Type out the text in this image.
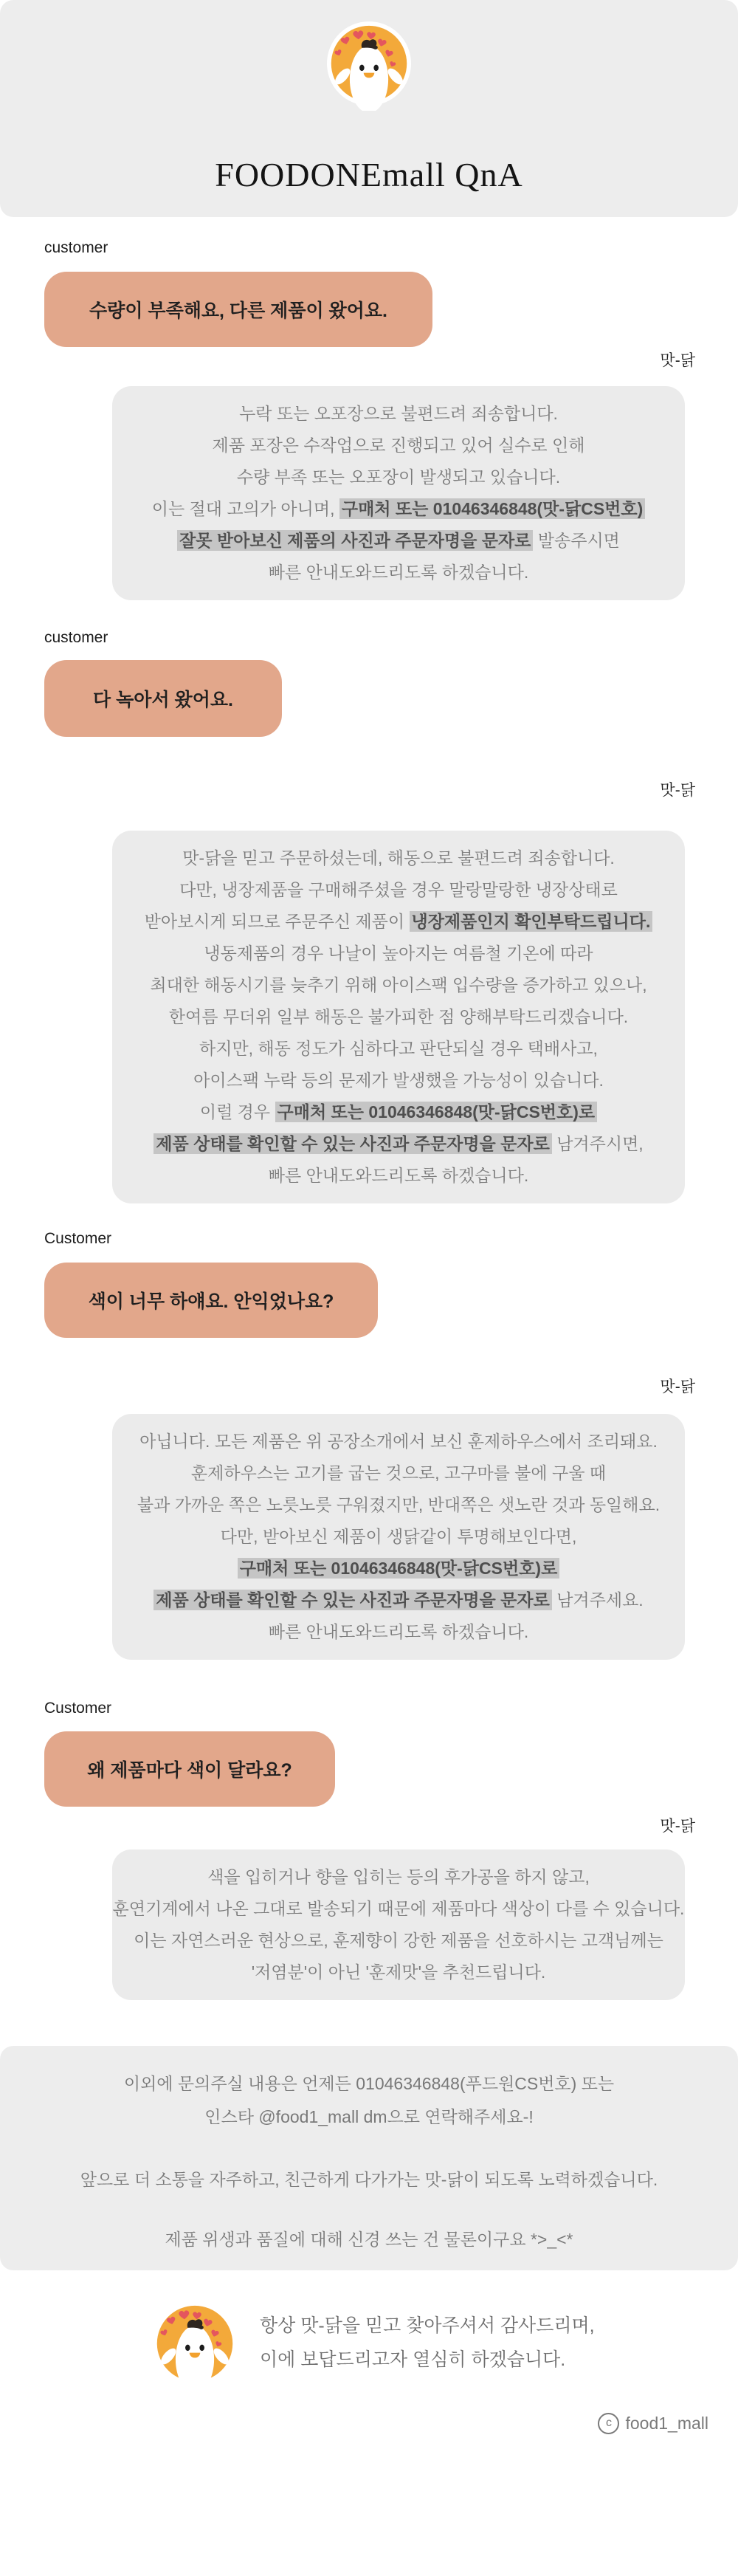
FOODONEmall QnA
customer
수량이 부족해요, 다른 제품이 왔어요.
맛-닭
누락 또는 오포장으로 불편드려 죄송합니다.
제품 포장은 수작업으로 진행되고 있어 실수로 인해
수량 부족 또는 오포장이 발생되고 있습니다.
이는 절대 고의가 아니며, 구매처 또는 01046346848(맛-닭CS번호)
잘못 받아보신 제품의 사진과 주문자명을 문자로 발송주시면
빠른 안내도와드리도록 하겠습니다.
customer
다 녹아서 왔어요.
맛-닭
맛-닭을 믿고 주문하셨는데, 해동으로 불편드려 죄송합니다.
다만, 냉장제품을 구매해주셨을 경우 말랑말랑한 냉장상태로
받아보시게 되므로 주문주신 제품이 냉장제품인지 확인부탁드립니다.
냉동제품의 경우 나날이 높아지는 여름철 기온에 따라
최대한 해동시기를 늦추기 위해 아이스팩 입수량을 증가하고 있으나,
한여름 무더위 일부 해동은 불가피한 점 양해부탁드리겠습니다.
하지만, 해동 정도가 심하다고 판단되실 경우 택배사고,
아이스팩 누락 등의 문제가 발생했을 가능성이 있습니다.
이럴 경우 구매처 또는 01046346848(맛-닭CS번호)로
제품 상태를 확인할 수 있는 사진과 주문자명을 문자로 남겨주시면,
빠른 안내도와드리도록 하겠습니다.
Customer
색이 너무 하얘요. 안익었나요?
맛-닭
아닙니다. 모든 제품은 위 공장소개에서 보신 훈제하우스에서 조리돼요.
훈제하우스는 고기를 굽는 것으로, 고구마를 불에 구울 때
불과 가까운 쪽은 노릇노릇 구워졌지만, 반대쪽은 샛노란 것과 동일해요.
다만, 받아보신 제품이 생닭같이 투명해보인다면,
구매처 또는 01046346848(맛-닭CS번호)로
제품 상태를 확인할 수 있는 사진과 주문자명을 문자로 남겨주세요.
빠른 안내도와드리도록 하겠습니다.
Customer
왜 제품마다 색이 달라요?
맛-닭
색을 입히거나 향을 입히는 등의 후가공을 하지 않고,
훈연기계에서 나온 그대로 발송되기 때문에 제품마다 색상이 다를 수 있습니다.
이는 자연스러운 현상으로, 훈제향이 강한 제품을 선호하시는 고객님께는
'저염분'이 아닌 '훈제맛'을 추천드립니다.
이외에 문의주실 내용은 언제든 01046346848(푸드원CS번호) 또는
인스타 @food1_mall dm으로 연락해주세요-!
앞으로 더 소통을 자주하고, 친근하게 다가가는 맛-닭이 되도록 노력하겠습니다.
제품 위생과 품질에 대해 신경 쓰는 건 물론이구요 *>_<*
항상 맛-닭을 믿고 찾아주셔서 감사드리며,
이에 보답드리고자 열심히 하겠습니다.
c food1_mall
